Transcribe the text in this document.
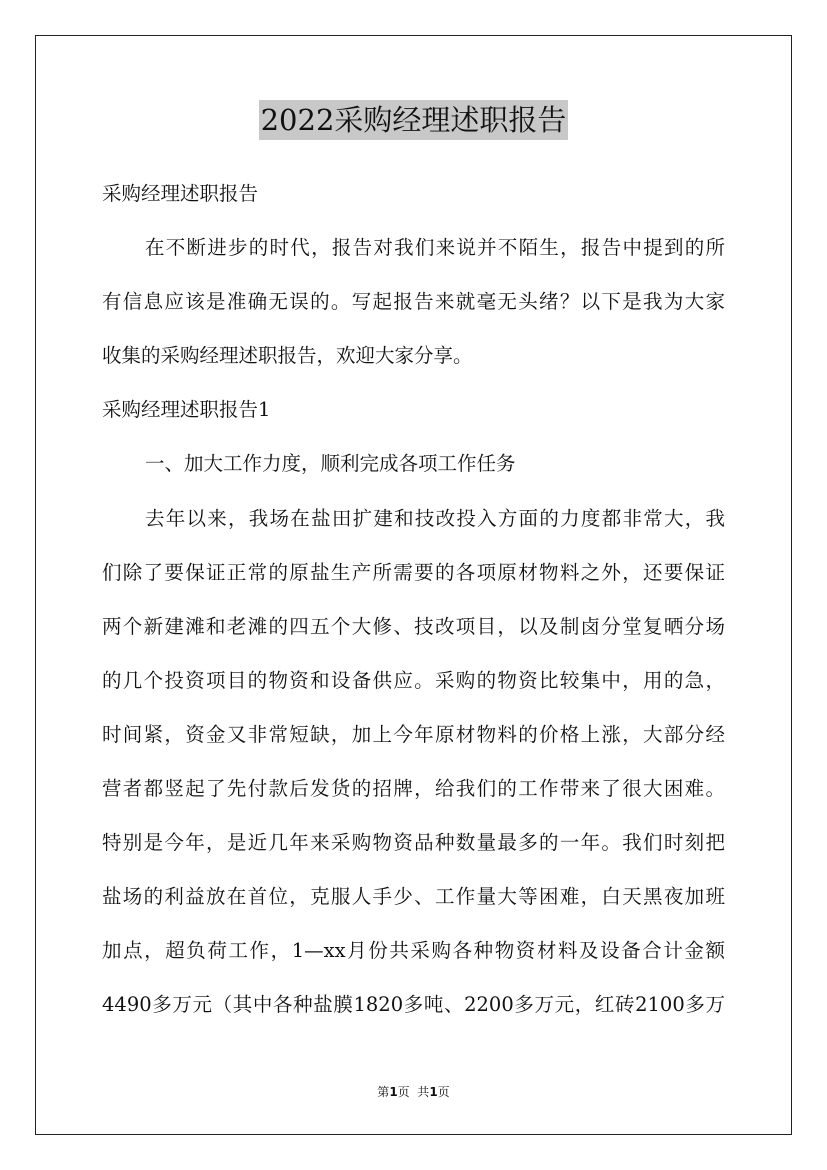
2022采购经理述职报告
采购经理述职报告
在不断进步的时代，报告对我们来说并不陌生，报告中提到的所
有信息应该是准确无误的。写起报告来就毫无头绪？以下是我为大家
收集的采购经理述职报告，欢迎大家分享。
采购经理述职报告1
一、加大工作力度，顺利完成各项工作任务
去年以来，我场在盐田扩建和技改投入方面的力度都非常大，我
们除了要保证正常的原盐生产所需要的各项原材物料之外，还要保证
两个新建滩和老滩的四五个大修、技改项目，以及制卤分堂复晒分场
的几个投资项目的物资和设备供应。采购的物资比较集中，用的急，
时间紧，资金又非常短缺，加上今年原材物料的价格上涨，大部分经
营者都竖起了先付款后发货的招牌，给我们的工作带来了很大困难。
特别是今年，是近几年来采购物资品种数量最多的一年。我们时刻把
盐场的利益放在首位，克服人手少、工作量大等困难，白天黑夜加班
加点，超负荷工作，1—xx月份共采购各种物资材料及设备合计金额
4490多万元（其中各种盐膜1820多吨、2200多万元，红砖2100多万
第1页  共1页
